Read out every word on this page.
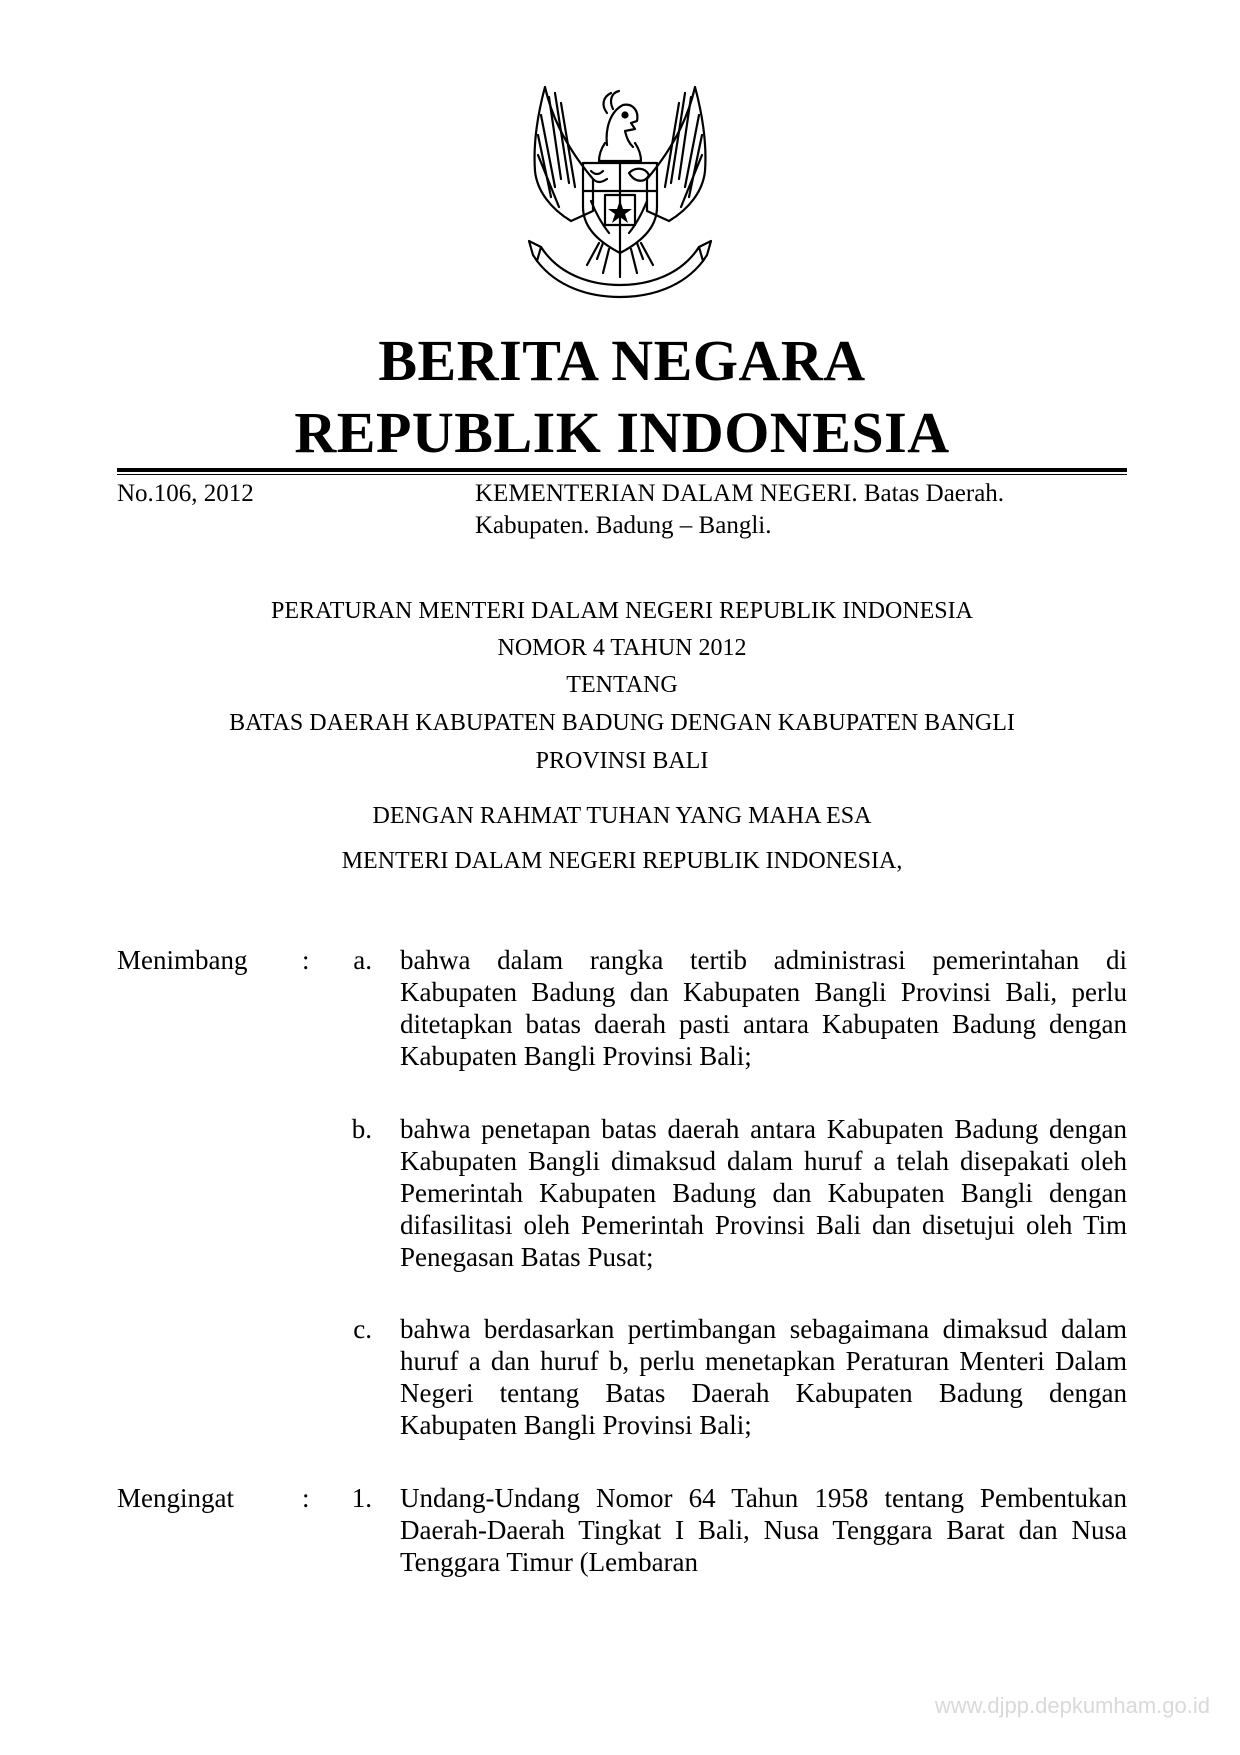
BERITA NEGARA
REPUBLIK INDONESIA
No.106, 2012	KEMENTERIAN DALAM NEGERI. Batas Daerah.
Kabupaten. Badung – Bangli.
PERATURAN MENTERI DALAM NEGERI REPUBLIK INDONESIA
NOMOR 4 TAHUN 2012
TENTANG
BATAS DAERAH KABUPATEN BADUNG DENGAN KABUPATEN BANGLI
PROVINSI BALI
DENGAN RAHMAT TUHAN YANG MAHA ESA
MENTERI DALAM NEGERI REPUBLIK INDONESIA,
Menimbang :	a. bahwa dalam rangka tertib administrasi pemerintahan di Kabupaten Badung dan Kabupaten Bangli Provinsi Bali, perlu ditetapkan batas daerah pasti antara Kabupaten Badung dengan Kabupaten Bangli Provinsi Bali;
b. bahwa penetapan batas daerah antara Kabupaten Badung dengan Kabupaten Bangli dimaksud dalam huruf a telah disepakati oleh Pemerintah Kabupaten Badung dan Kabupaten Bangli dengan difasilitasi oleh Pemerintah Provinsi Bali dan disetujui oleh Tim Penegasan Batas Pusat;
c. bahwa berdasarkan pertimbangan sebagaimana dimaksud dalam huruf a dan huruf b, perlu menetapkan Peraturan Menteri Dalam Negeri tentang Batas Daerah Kabupaten Badung dengan Kabupaten Bangli Provinsi Bali;
Mengingat	:	1. Undang-Undang Nomor 64 Tahun 1958 tentang Pembentukan Daerah-Daerah Tingkat I Bali, Nusa Tenggara Barat dan Nusa Tenggara Timur (Lembaran
www.djpp.depkumham.go.id
